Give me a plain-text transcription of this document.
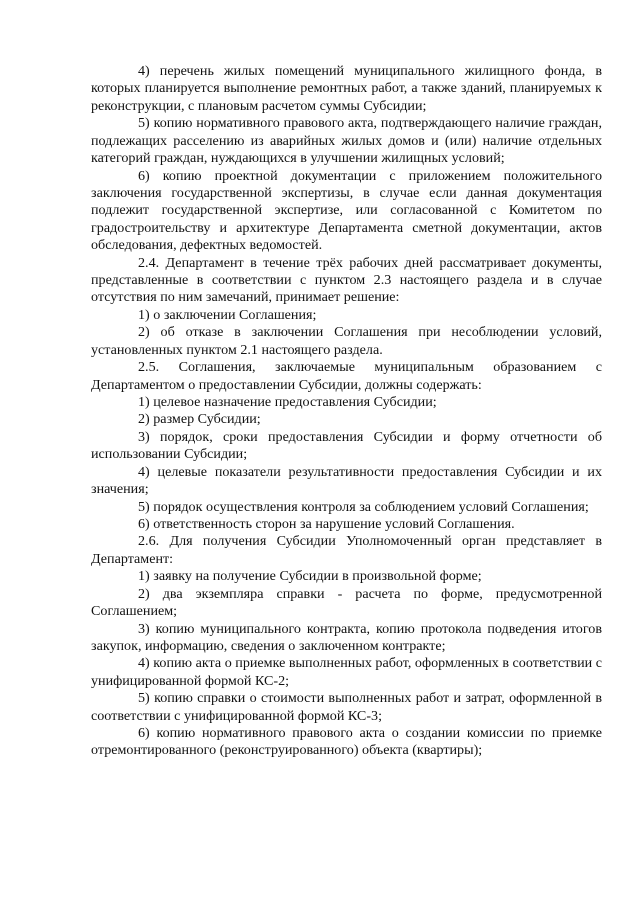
4) перечень жилых помещений муниципального жилищного фонда, в которых планируется выполнение ремонтных работ, а также зданий, планируемых к реконструкции, с плановым расчетом суммы Субсидии;

5) копию нормативного правового акта, подтверждающего наличие граждан, подлежащих расселению из аварийных жилых домов и (или) наличие отдельных категорий граждан, нуждающихся в улучшении жилищных условий;

6) копию проектной документации с приложением положительного заключения государственной экспертизы, в случае если данная документация подлежит государственной экспертизе, или согласованной с Комитетом по градостроительству и архитектуре Департамента сметной документации, актов обследования, дефектных ведомостей.

2.4. Департамент в течение трёх рабочих дней рассматривает документы, представленные в соответствии с пунктом 2.3 настоящего раздела и в случае отсутствия по ним замечаний, принимает решение:

1) о заключении Соглашения;

2) об отказе в заключении Соглашения при несоблюдении условий, установленных пунктом 2.1 настоящего раздела.

2.5. Соглашения, заключаемые муниципальным образованием с Департаментом о предоставлении Субсидии, должны содержать:

1) целевое назначение предоставления Субсидии;

2) размер Субсидии;

3) порядок, сроки предоставления Субсидии и форму отчетности об использовании Субсидии;

4) целевые показатели результативности предоставления Субсидии и их значения;

5) порядок осуществления контроля за соблюдением условий Соглашения;

6) ответственность сторон за нарушение условий Соглашения.

2.6. Для получения Субсидии Уполномоченный орган представляет в Департамент:

1) заявку на получение Субсидии в произвольной форме;

2) два экземпляра справки - расчета по форме, предусмотренной Соглашением;

3) копию муниципального контракта, копию протокола подведения итогов закупок, информацию, сведения о заключенном контракте;

4) копию акта о приемке выполненных работ, оформленных в соответствии с унифицированной формой КС-2;

5) копию справки о стоимости выполненных работ и затрат, оформленной в соответствии с унифицированной формой КС-3;

6) копию нормативного правового акта о создании комиссии по приемке отремонтированного (реконструированного) объекта (квартиры);
